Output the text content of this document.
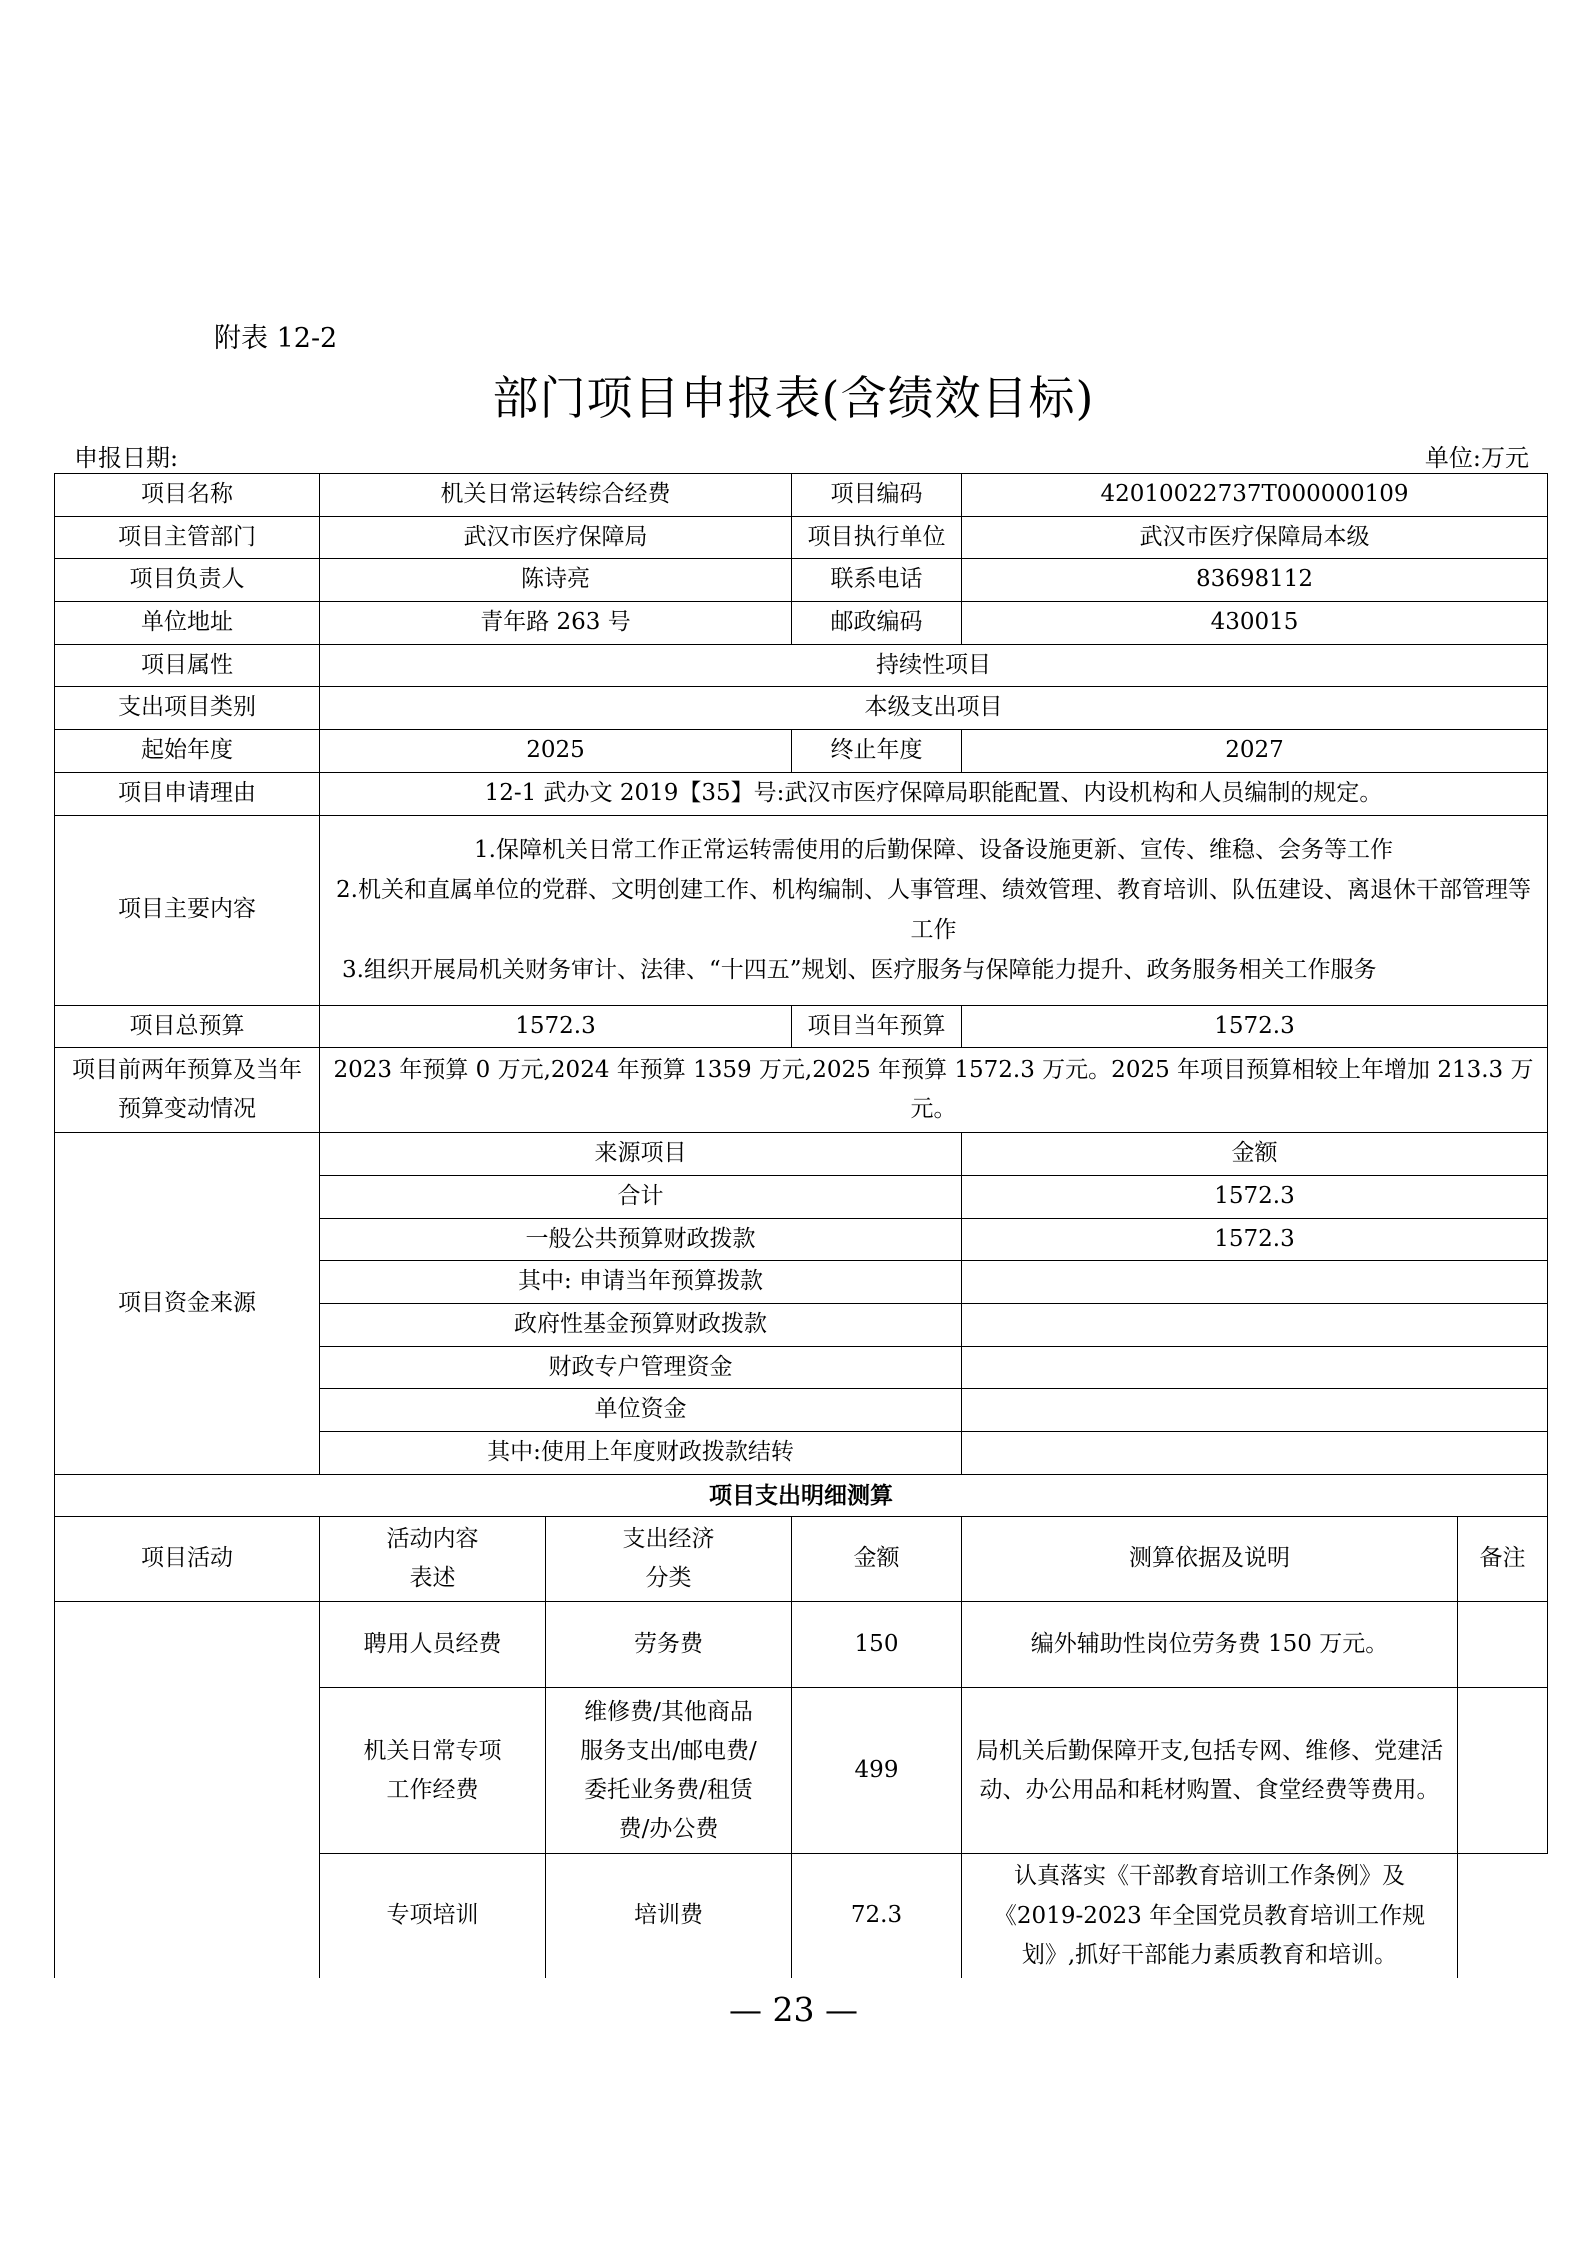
附表 12-2
部门项目申报表(含绩效目标)
申报日期:	单位:万元
项目名称	机关日常运转综合经费		项目编码	42010022737T000000109	
项目主管部门	武汉市医疗保障局		项目执行单位	武汉市医疗保障局本级	
项目负责人	陈诗亮		联系电话	83698112	
单位地址	青年路 263 号		邮政编码	430015	
项目属性	持续性项目				
支出项目类别	本级支出项目				
起始年度	2025		终止年度	2027	
项目申请理由	12-1 武办文 2019【35】号:武汉市医疗保障局职能配置、内设机构和人员编制的规定。				
项目主要内容	1.保障机关日常工作正常运转需使用的后勤保障、设备设施更新、宣传、维稳、会务等工作
2.机关和直属单位的党群、文明创建工作、机构编制、人事管理、绩效管理、教育培训、队伍建设、离退休干部管理等工作
3.组织开展局机关财务审计、法律、“十四五”规划、医疗服务与保障能力提升、政务服务相关工作服务				

项目总预算	1572.3		项目当年预算	1572.3	
项目前两年预算及当年预算变动情况	2023 年预算 0 万元,2024 年预算 1359 万元,2025 年预算 1572.3 万元。2025 年项目预算相较上年增加 213.3 万元。				
项目资金来源	来源项目			金额	
	合计			1572.3	
	一般公共预算财政拨款			1572.3	
	其中: 申请当年预算拨款				
	政府性基金预算财政拨款				
	财政专户管理资金				
	单位资金				
	其中:使用上年度财政拨款结转				
项目支出明细测算					
项目活动	活动内容表述	支出经济分类	金额	测算依据及说明	备注
	聘用人员经费	劳务费	150	编外辅助性岗位劳务费 150 万元。	
	机关日常专项工作经费	维修费/其他商品服务支出/邮电费/委托业务费/租赁费/办公费	499	局机关后勤保障开支,包括专网、维修、党建活动、办公用品和耗材购置、食堂经费等费用。	
	专项培训	培训费	72.3	认真落实《干部教育培训工作条例》及《2019-2023 年全国党员教育培训工作规划》,抓好干部能力素质教育和培训。	
— 23 —
